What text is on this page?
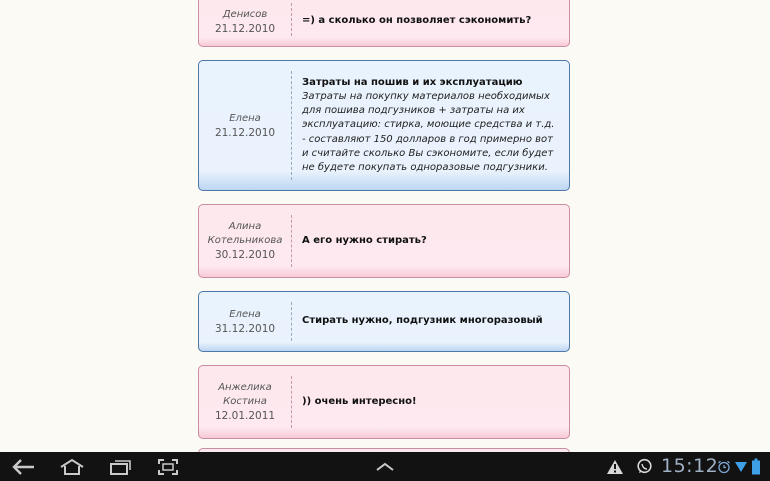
Денисов
21.12.2010
=) а сколько он позволяет сэкономить?
Елена
21.12.2010
Затраты на пошив и их эксплуатацию
Затраты на покупку материалов необходимых для пошива подгузников + затраты на их эксплуатацию: стирка, моющие средства и т.д. - составляют 150 долларов в год примерно вот и считайте сколько Вы сэкономите, если будет не будете покупать одноразовые подгузники.
Алина Котельникова
30.12.2010
А его нужно стирать?
Елена
31.12.2010
Стирать нужно, подгузник многоразовый
Анжелика Костина
12.01.2011
)) очень интересно!
15:12
